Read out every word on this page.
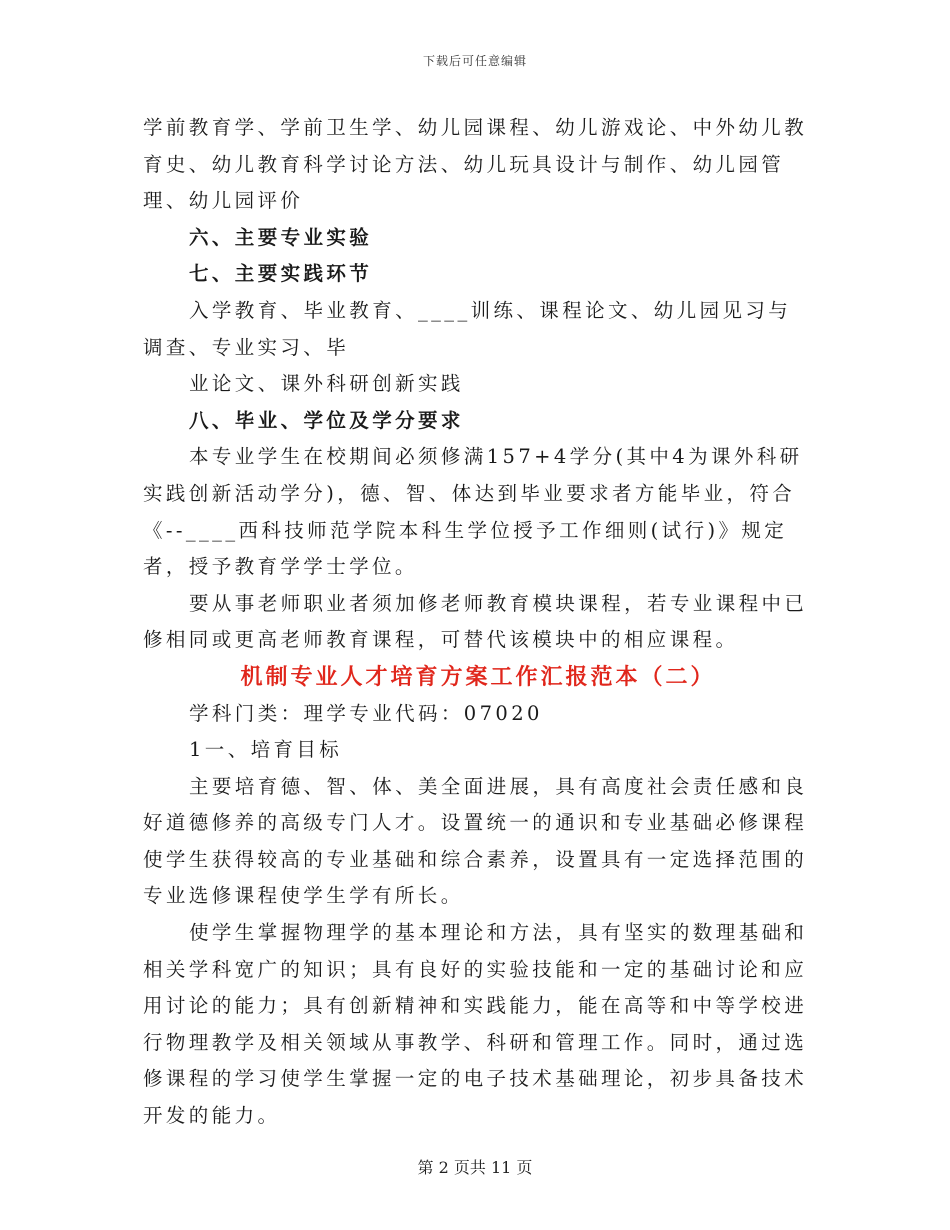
下载后可任意编辑

学前教育学、学前卫生学、幼儿园课程、幼儿游戏论、中外幼儿教育史、幼儿教育科学讨论方法、幼儿玩具设计与制作、幼儿园管理、幼儿园评价

六、主要专业实验

七、主要实践环节

入学教育、毕业教育、____训练、课程论文、幼儿园见习与调查、专业实习、毕

业论文、课外科研创新实践

八、毕业、学位及学分要求

本专业学生在校期间必须修满157+4学分(其中4为课外科研实践创新活动学分)，德、智、体达到毕业要求者方能毕业，符合《--____西科技师范学院本科生学位授予工作细则(试行)》规定者，授予教育学学士学位。

要从事老师职业者须加修老师教育模块课程，若专业课程中已修相同或更高老师教育课程，可替代该模块中的相应课程。

机制专业人才培育方案工作汇报范本（二）

学科门类：理学专业代码：07020

1一、培育目标

主要培育德、智、体、美全面进展，具有高度社会责任感和良好道德修养的高级专门人才。设置统一的通识和专业基础必修课程使学生获得较高的专业基础和综合素养，设置具有一定选择范围的专业选修课程使学生学有所长。

使学生掌握物理学的基本理论和方法，具有坚实的数理基础和相关学科宽广的知识；具有良好的实验技能和一定的基础讨论和应用讨论的能力；具有创新精神和实践能力，能在高等和中等学校进行物理教学及相关领域从事教学、科研和管理工作。同时，通过选修课程的学习使学生掌握一定的电子技术基础理论，初步具备技术开发的能力。

第 2 页共 11 页
